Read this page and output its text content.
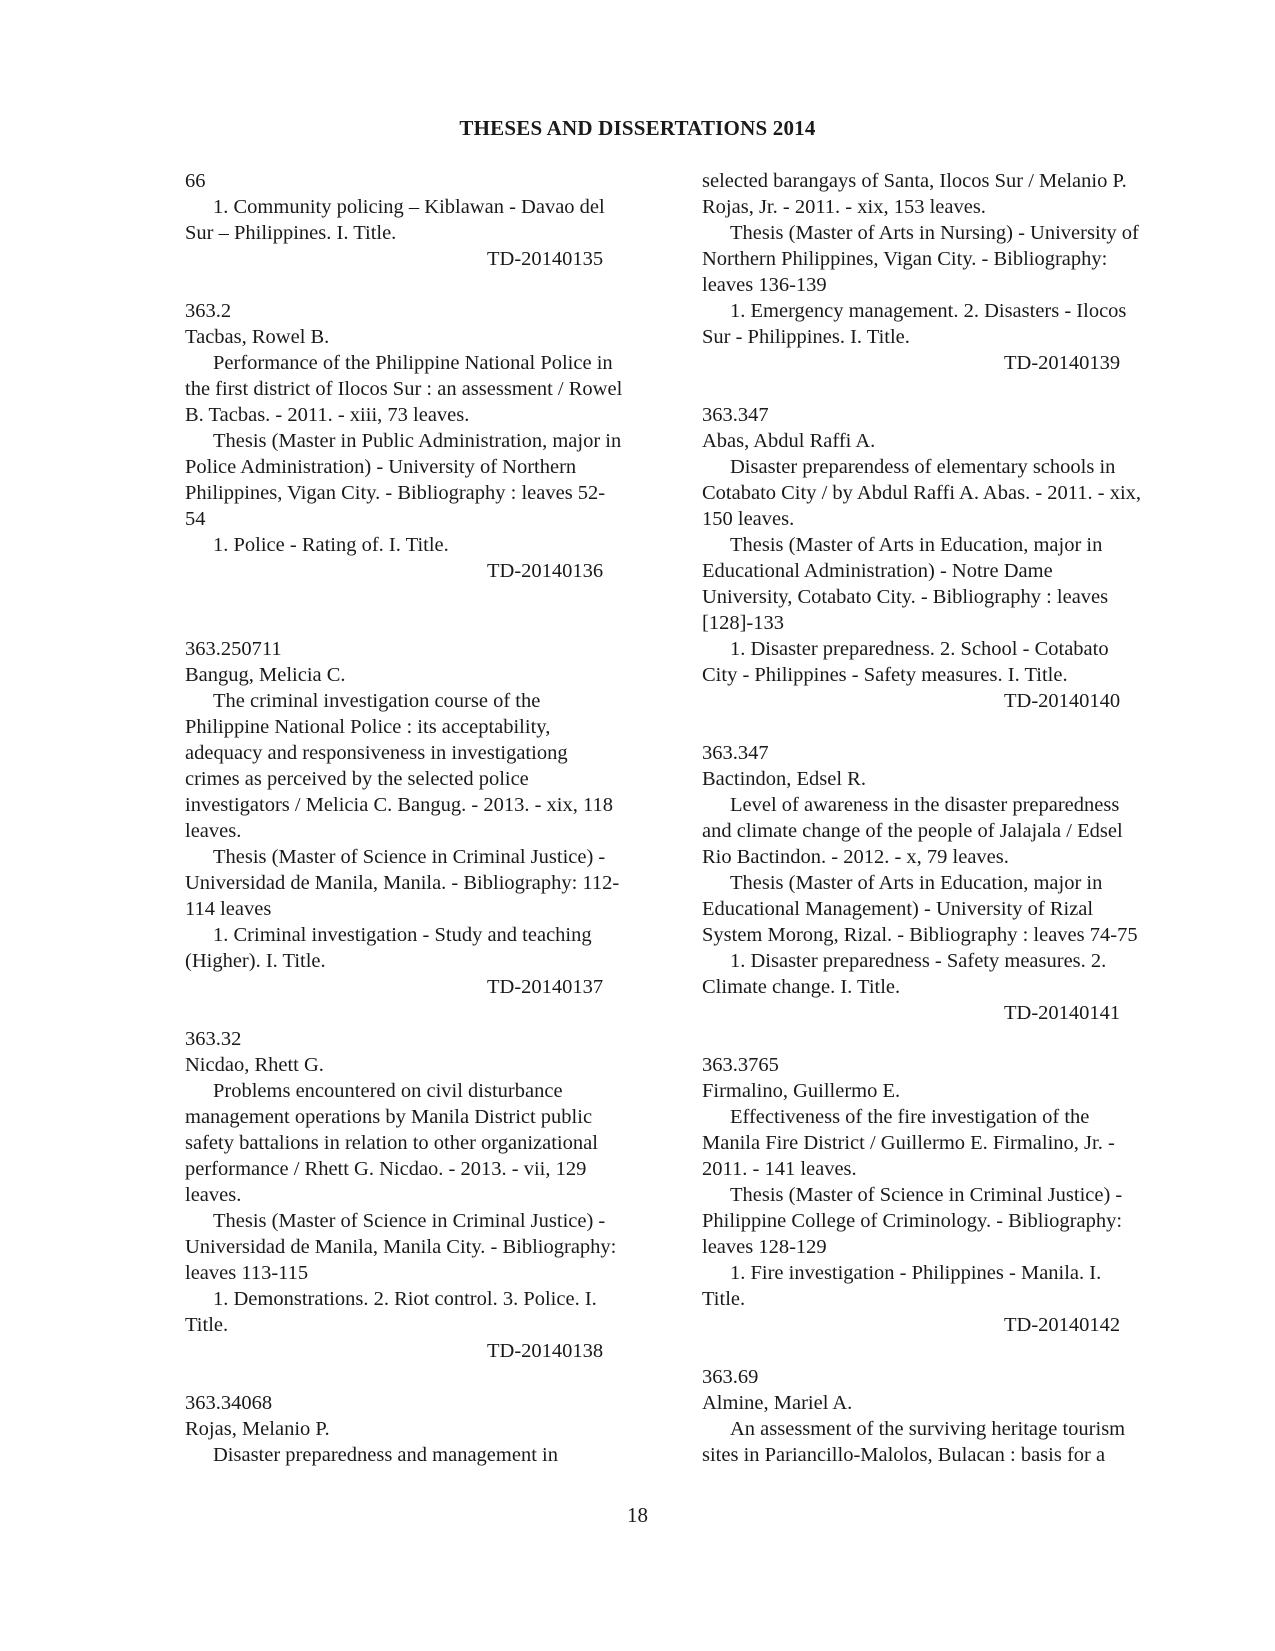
THESES AND DISSERTATIONS 2014
66
1. Community policing – Kiblawan - Davao del
Sur – Philippines. I. Title.
TD-20140135
363.2
Tacbas, Rowel B.
Performance of the Philippine National Police in
the first district of Ilocos Sur : an assessment / Rowel
B. Tacbas. - 2011. - xiii, 73 leaves.
Thesis (Master in Public Administration, major in
Police Administration) - University of Northern
Philippines, Vigan City. - Bibliography : leaves 52-
54
1. Police - Rating of. I. Title.
TD-20140136
363.250711
Bangug, Melicia C.
The criminal investigation course of the
Philippine National Police : its acceptability,
adequacy and responsiveness in investigationg
crimes as perceived by the selected police
investigators / Melicia C. Bangug. - 2013. - xix, 118
leaves.
Thesis (Master of Science in Criminal Justice) -
Universidad de Manila, Manila. - Bibliography: 112-
114 leaves
1. Criminal investigation - Study and teaching
(Higher). I. Title.
TD-20140137
363.32
Nicdao, Rhett G.
Problems encountered on civil disturbance
management operations by Manila District public
safety battalions in relation to other organizational
performance / Rhett G. Nicdao. - 2013. - vii, 129
leaves.
Thesis (Master of Science in Criminal Justice) -
Universidad de Manila, Manila City. - Bibliography:
leaves 113-115
1. Demonstrations. 2. Riot control. 3. Police. I.
Title.
TD-20140138
363.34068
Rojas, Melanio P.
Disaster preparedness and management in
selected barangays of Santa, Ilocos Sur / Melanio P.
Rojas, Jr. - 2011. - xix, 153 leaves.
Thesis (Master of Arts in Nursing) - University of
Northern Philippines, Vigan City. - Bibliography:
leaves 136-139
1. Emergency management. 2. Disasters - Ilocos
Sur - Philippines. I. Title.
TD-20140139
363.347
Abas, Abdul Raffi A.
Disaster preparendess of elementary schools in
Cotabato City / by Abdul Raffi A. Abas. - 2011. - xix,
150 leaves.
Thesis (Master of Arts in Education, major in
Educational Administration) - Notre Dame
University, Cotabato City. - Bibliography : leaves
[128]-133
1. Disaster preparedness. 2. School - Cotabato
City - Philippines - Safety measures. I. Title.
TD-20140140
363.347
Bactindon, Edsel R.
Level of awareness in the disaster preparedness
and climate change of the people of Jalajala / Edsel
Rio Bactindon. - 2012. - x, 79 leaves.
Thesis (Master of Arts in Education, major in
Educational Management) - University of Rizal
System Morong, Rizal. - Bibliography : leaves 74-75
1. Disaster preparedness - Safety measures. 2.
Climate change. I. Title.
TD-20140141
363.3765
Firmalino, Guillermo E.
Effectiveness of the fire investigation of the
Manila Fire District / Guillermo E. Firmalino, Jr. -
2011. - 141 leaves.
Thesis (Master of Science in Criminal Justice) -
Philippine College of Criminology. - Bibliography:
leaves 128-129
1. Fire investigation - Philippines - Manila. I.
Title.
TD-20140142
363.69
Almine, Mariel A.
An assessment of the surviving heritage tourism
sites in Pariancillo-Malolos, Bulacan : basis for a
18
